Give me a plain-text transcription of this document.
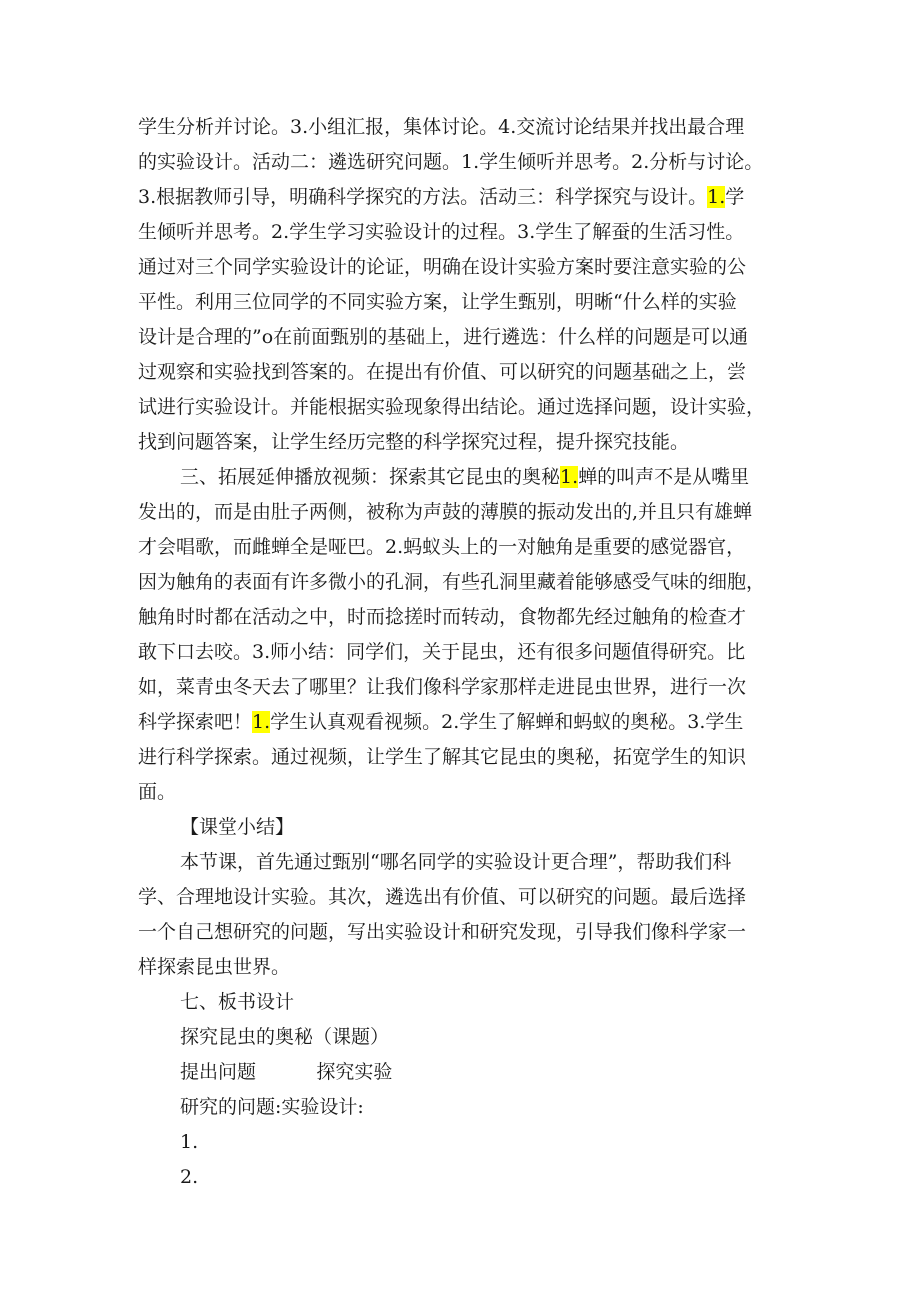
学生分析并讨论。3.小组汇报，集体讨论。4.交流讨论结果并找出最合理
的实验设计。活动二：遴选研究问题。1.学生倾听并思考。2.分析与讨论。
3.根据教师引导，明确科学探究的方法。活动三：科学探究与设计。1.学
生倾听并思考。2.学生学习实验设计的过程。3.学生了解蚕的生活习性。
通过对三个同学实验设计的论证，明确在设计实验方案时要注意实验的公
平性。利用三位同学的不同实验方案，让学生甄别，明晰“什么样的实验
设计是合理的”o在前面甄别的基础上，进行遴选：什么样的问题是可以通
过观察和实验找到答案的。在提出有价值、可以研究的问题基础之上，尝
试进行实验设计。并能根据实验现象得出结论。通过选择问题，设计实验，
找到问题答案，让学生经历完整的科学探究过程，提升探究技能。
三、拓展延伸播放视频：探索其它昆虫的奥秘1.蝉的叫声不是从嘴里
发出的，而是由肚子两侧，被称为声鼓的薄膜的振动发出的,并且只有雄蝉
才会唱歌，而雌蝉全是哑巴。2.蚂蚁头上的一对触角是重要的感觉器官，
因为触角的表面有许多微小的孔洞，有些孔洞里藏着能够感受气味的细胞，
触角时时都在活动之中，时而捻搓时而转动，食物都先经过触角的检查才
敢下口去咬。3.师小结：同学们，关于昆虫，还有很多问题值得研究。比
如，菜青虫冬天去了哪里？让我们像科学家那样走进昆虫世界，进行一次
科学探索吧！1.学生认真观看视频。2.学生了解蝉和蚂蚁的奥秘。3.学生
进行科学探索。通过视频，让学生了解其它昆虫的奥秘，拓宽学生的知识
面。
【课堂小结】
本节课，首先通过甄别“哪名同学的实验设计更合理”，帮助我们科
学、合理地设计实验。其次，遴选出有价值、可以研究的问题。最后选择
一个自己想研究的问题，写出实验设计和研究发现，引导我们像科学家一
样探索昆虫世界。
七、板书设计
探究昆虫的奥秘（课题）
提出问题          探究实验
研究的问题:实验设计:
1.
2.
